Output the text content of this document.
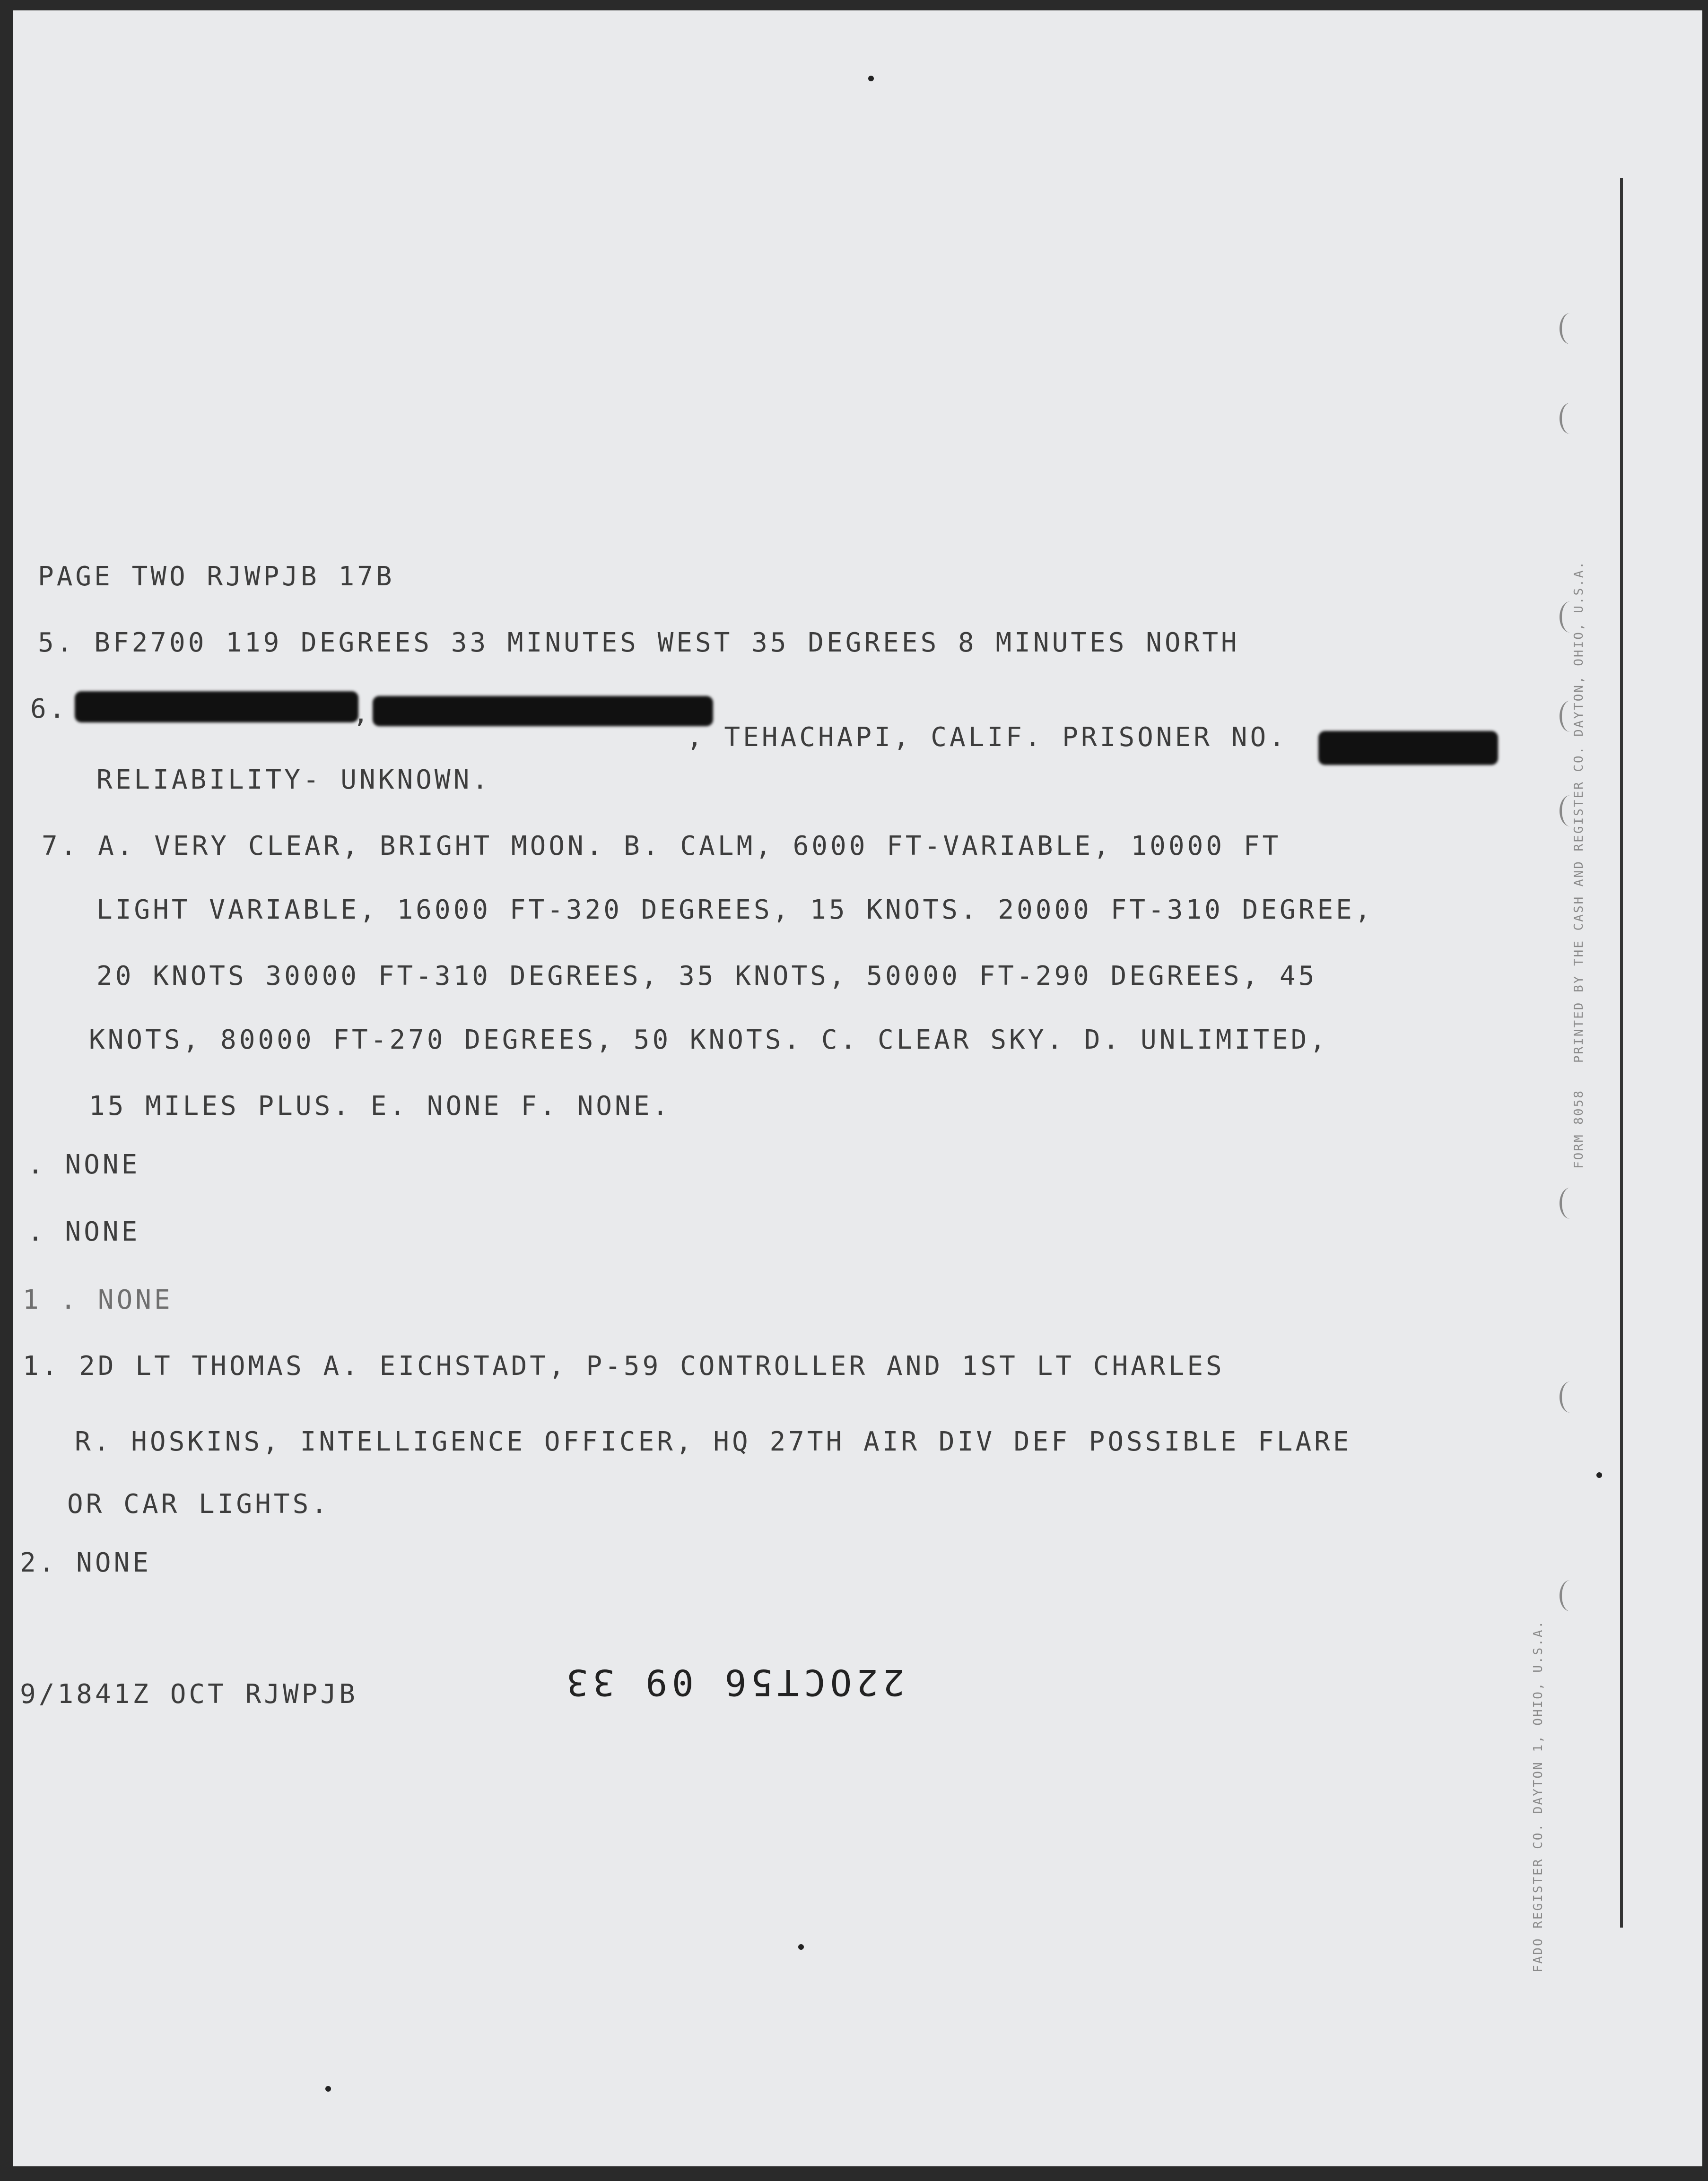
PAGE TWO RJWPJB 17B
5. BF2700 119 DEGREES 33 MINUTES WEST 35 DEGREES 8 MINUTES NORTH
6.	,
, TEHACHAPI, CALIF. PRISONER NO.
RELIABILITY- UNKNOWN.
7. A. VERY CLEAR, BRIGHT MOON. B. CALM, 6000 FT-VARIABLE, 10000 FT
LIGHT VARIABLE, 16000 FT-320 DEGREES, 15 KNOTS. 20000 FT-310 DEGREE,
20 KNOTS 30000 FT-310 DEGREES, 35 KNOTS, 50000 FT-290 DEGREES, 45
KNOTS, 80000 FT-270 DEGREES, 50 KNOTS. C. CLEAR SKY. D. UNLIMITED,
15 MILES PLUS. E. NONE F. NONE.
. NONE
. NONE
1 . NONE
1. 2D LT THOMAS A. EICHSTADT, P-59 CONTROLLER AND 1ST LT CHARLES
R. HOSKINS, INTELLIGENCE OFFICER, HQ 27TH AIR DIV DEF POSSIBLE FLARE
OR CAR LIGHTS.
2. NONE
9/1841Z OCT RJWPJB	22OCT56 09 33
FORM 8058   PRINTED BY THE CASH AND REGISTER CO. DAYTON, OHIO, U.S.A.
FADO REGISTER CO. DAYTON 1, OHIO, U.S.A.
